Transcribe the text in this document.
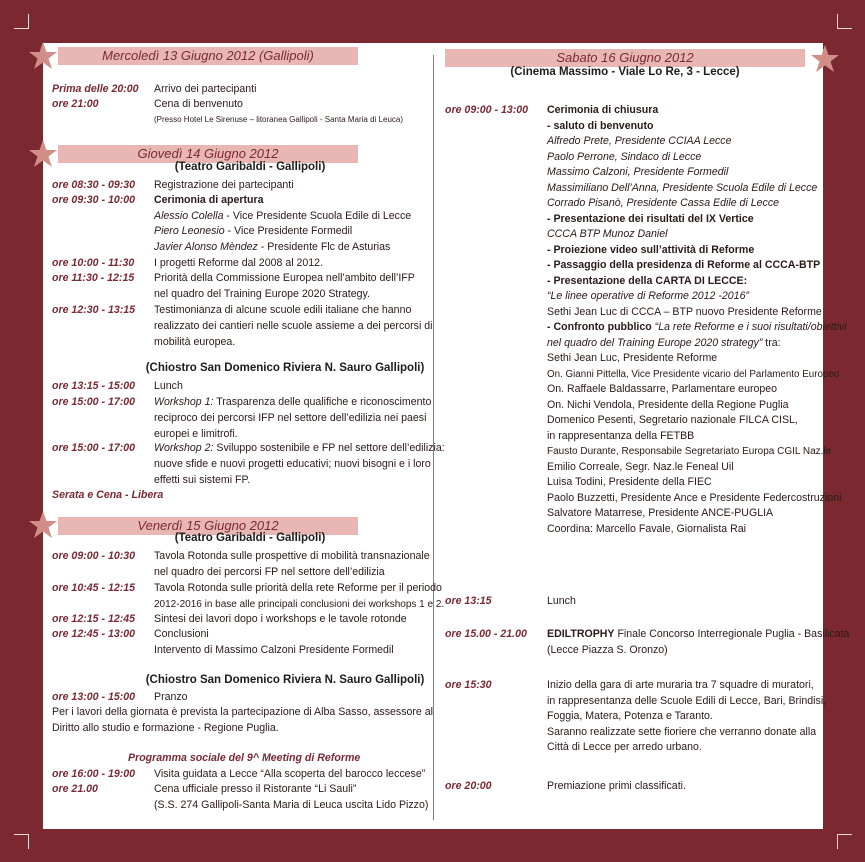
Mercoledì 13 Giugno 2012 (Gallipoli)
Prima delle 20:00 Arrivo dei partecipanti
ore 21:00	Cena di benvenuto
(Presso Hotel Le Sirenuse – litoranea Gallipoli - Santa Maria di Leuca)
Giovedì 14 Giugno 2012
(Teatro Garibaldi - Gallipoli)
ore 08:30 - 09:30 Registrazione dei partecipanti
ore 09:30 - 10:00 Cerimonia di apertura
Alessio Colella - Vice Presidente Scuola Edile di Lecce
Piero Leonesio - Vice Presidente Formedil
Javier Alonso Mèndez - Presidente Flc de Asturias
ore 10:00 - 11:30 I progetti Reforme dal 2008 al 2012.
ore 11:30 - 12:15 Priorità della Commissione Europea nell’ambito dell’IFP
nel quadro del Training Europe 2020 Strategy.
ore 12:30 - 13:15 Testimonianza di alcune scuole edili italiane che hanno
realizzato dei cantieri nelle scuole assieme a dei percorsi di
mobilità europea.
(Chiostro San Domenico Riviera N. Sauro Gallipoli)
ore 13:15 - 15:00 Lunch
ore 15:00 - 17:00 Workshop 1: Trasparenza delle qualifiche e riconoscimento
reciproco dei percorsi IFP nel settore dell’edilizia nei paesi
europei e limitrofi.
ore 15:00 - 17:00 Workshop 2: Sviluppo sostenibile e FP nel settore dell’edilizia:
nuove sfide e nuovi progetti educativi; nuovi bisogni e i loro
effetti sui sistemi FP.
Serata e Cena - Libera
Venerdì 15 Giugno 2012
(Teatro Garibaldi - Gallipoli)
ore 09:00 - 10:30 Tavola Rotonda sulle prospettive di mobilità transnazionale
nel quadro dei percorsi FP nel settore dell’edilizia
ore 10:45 - 12:15 Tavola Rotonda sulle priorità della rete Reforme per il periodo
2012-2016 in base alle principali conclusioni dei workshops 1 e 2.
ore 12:15 - 12:45 Sintesi dei lavori dopo i workshops e le tavole rotonde
ore 12:45 - 13:00 Conclusioni
Intervento di Massimo Calzoni Presidente Formedil
(Chiostro San Domenico Riviera N. Sauro Gallipoli)
ore 13:00 - 15:00 Pranzo
Per i lavori della giornata è prevista la partecipazione di Alba Sasso, assessore al
Diritto allo studio e formazione - Regione Puglia.
Programma sociale del 9^ Meeting di Reforme
ore 16:00 - 19:00 Visita guidata a Lecce “Alla scoperta del barocco leccese”
ore 21.00	Cena ufficiale presso il Ristorante “Li Sauli”
(S.S. 274 Gallipoli-Santa Maria di Leuca uscita Lido Pizzo)
Sabato 16 Giugno 2012
(Cinema Massimo - Viale Lo Re, 3 - Lecce)
ore 09:00 - 13:00 Cerimonia di chiusura
- saluto di benvenuto
Alfredo Prete, Presidente CCIAA Lecce
Paolo Perrone, Sindaco di Lecce
Massimo Calzoni, Presidente Formedil
Massimiliano Dell’Anna, Presidente Scuola Edile di Lecce
Corrado Pisanò, Presidente Cassa Edile di Lecce
- Presentazione dei risultati del IX Vertice
CCCA BTP Munoz Daniel
- Proiezione video sull’attività di Reforme
- Passaggio della presidenza di Reforme al CCCA-BTP
- Presentazione della CARTA DI LECCE:
“Le linee operative di Reforme 2012 -2016”
Sethi Jean Luc di CCCA – BTP nuovo Presidente Reforme
- Confronto pubblico “La rete Reforme e i suoi risultati/obiettivi
nel quadro del Training Europe 2020 strategy” tra:
Sethi Jean Luc, Presidente Reforme
On. Gianni Pittella, Vice Presidente vicario del Parlamento Europeo
On. Raffaele Baldassarre, Parlamentare europeo
On. Nichi Vendola, Presidente della Regione Puglia
Domenico Pesenti, Segretario nazionale FILCA CISL,
in rappresentanza della FETBB
Fausto Durante, Responsabile Segretariato Europa CGIL Naz.le
Emilio Correale, Segr. Naz.le Feneal Uil
Luisa Todini, Presidente della FIEC
Paolo Buzzetti, Presidente Ance e Presidente Federcostruzioni
Salvatore Matarrese, Presidente ANCE-PUGLIA
Coordina: Marcello Favale, Giornalista Rai
ore 13:15	Lunch
ore 15.00 - 21.00 EDILTROPHY Finale Concorso Interregionale Puglia - Basilicata
(Lecce Piazza S. Oronzo)
ore 15:30	Inizio della gara di arte muraria tra 7 squadre di muratori,
in rappresentanza delle Scuole Edili di Lecce, Bari, Brindisi,
Foggia, Matera, Potenza e Taranto.
Saranno realizzate sette fioriere che verranno donate alla
Città di Lecce per arredo urbano.
ore 20:00	Premiazione primi classificati.
